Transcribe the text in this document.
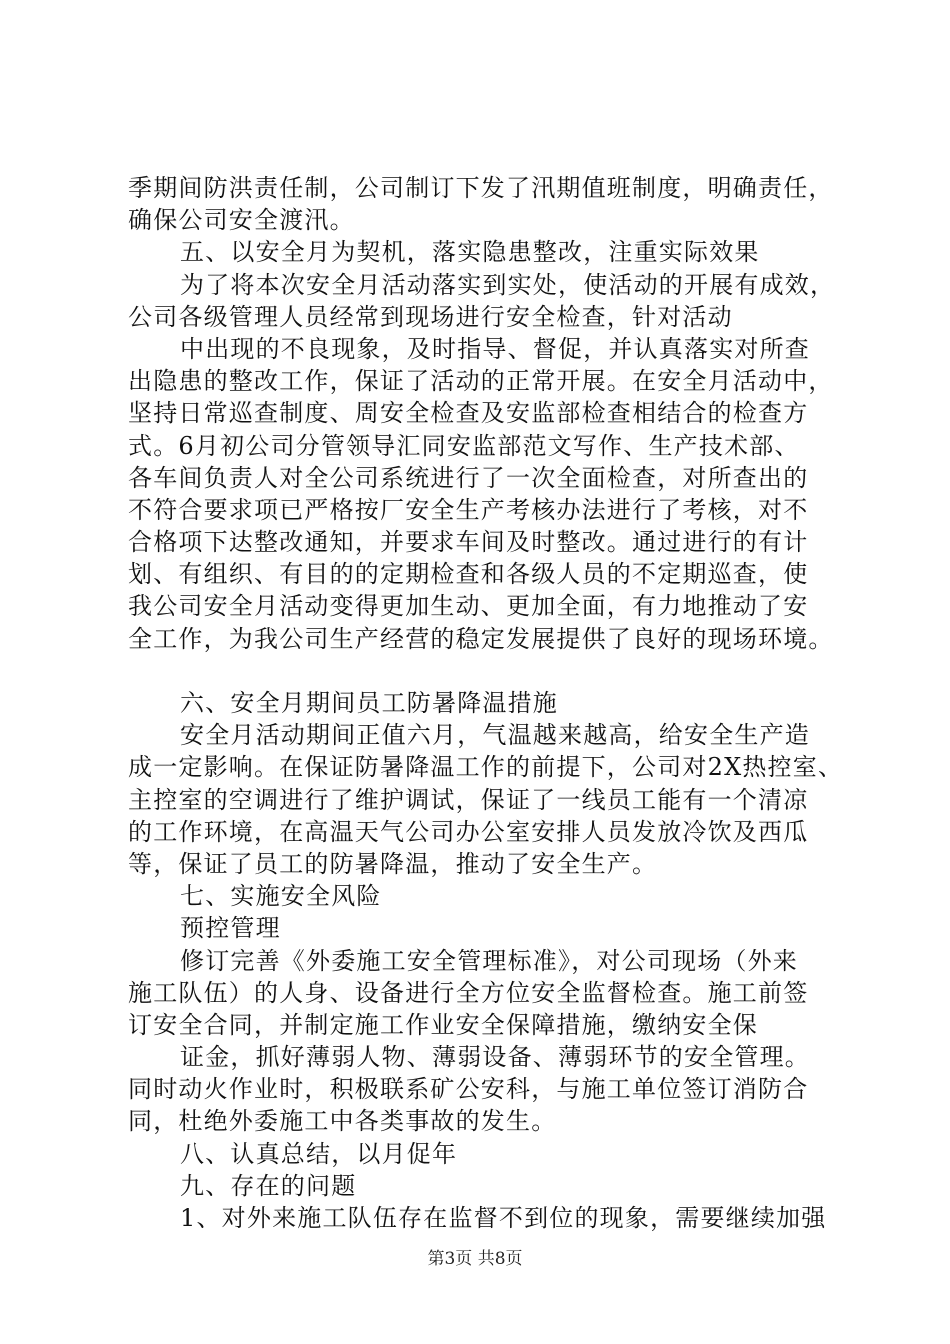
季期间防洪责任制，公司制订下发了汛期值班制度，明确责任，
确保公司安全渡汛。
五、以安全月为契机，落实隐患整改，注重实际效果
为了将本次安全月活动落实到实处，使活动的开展有成效，
公司各级管理人员经常到现场进行安全检查，针对活动
中出现的不良现象，及时指导、督促，并认真落实对所查
出隐患的整改工作，保证了活动的正常开展。在安全月活动中，
坚持日常巡查制度、周安全检查及安监部检查相结合的检查方
式。6月初公司分管领导汇同安监部范文写作、生产技术部、
各车间负责人对全公司系统进行了一次全面检查，对所查出的
不符合要求项已严格按厂安全生产考核办法进行了考核，对不
合格项下达整改通知，并要求车间及时整改。通过进行的有计
划、有组织、有目的的定期检查和各级人员的不定期巡查，使
我公司安全月活动变得更加生动、更加全面，有力地推动了安
全工作，为我公司生产经营的稳定发展提供了良好的现场环境。
六、安全月期间员工防暑降温措施
安全月活动期间正值六月，气温越来越高，给安全生产造
成一定影响。在保证防暑降温工作的前提下，公司对2X热控室、
主控室的空调进行了维护调试，保证了一线员工能有一个清凉
的工作环境，在高温天气公司办公室安排人员发放冷饮及西瓜
等，保证了员工的防暑降温，推动了安全生产。
七、实施安全风险
预控管理
修订完善《外委施工安全管理标准》，对公司现场（外来
施工队伍）的人身、设备进行全方位安全监督检查。施工前签
订安全合同，并制定施工作业安全保障措施，缴纳安全保
证金，抓好薄弱人物、薄弱设备、薄弱环节的安全管理。
同时动火作业时，积极联系矿公安科，与施工单位签订消防合
同，杜绝外委施工中各类事故的发生。
八、认真总结，以月促年
九、存在的问题
1、对外来施工队伍存在监督不到位的现象，需要继续加强
第3页 共8页
